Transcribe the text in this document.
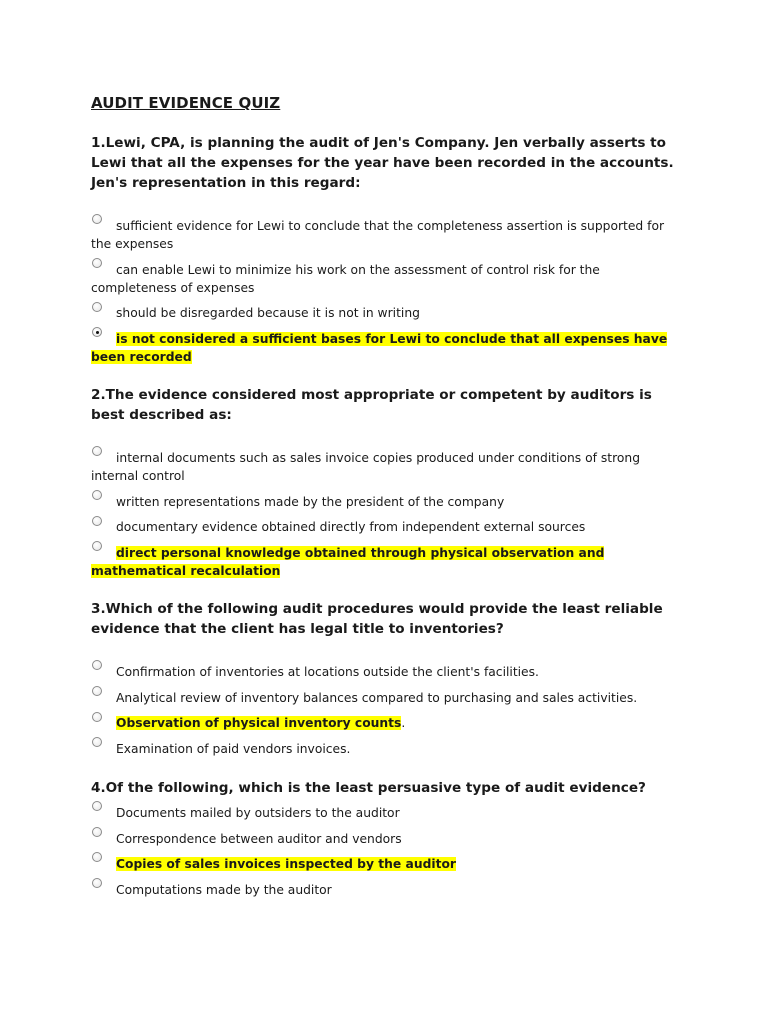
AUDIT EVIDENCE QUIZ
1.Lewi, CPA, is planning the audit of Jen's Company. Jen verbally asserts to Lewi that all the expenses for the year have been recorded in the accounts. Jen's representation in this regard:
sufficient evidence for Lewi to conclude that the completeness assertion is supported for the expenses
can enable Lewi to minimize his work on the assessment of control risk for the completeness of expenses
should be disregarded because it is not in writing
is not considered a sufficient bases for Lewi to conclude that all expenses have been recorded
2.The evidence considered most appropriate or competent by auditors is best described as:
internal documents such as sales invoice copies produced under conditions of strong internal control
written representations made by the president of the company
documentary evidence obtained directly from independent external sources
direct personal knowledge obtained through physical observation and mathematical recalculation
3.Which of the following audit procedures would provide the least reliable evidence that the client has legal title to inventories?
Confirmation of inventories at locations outside the client's facilities.
Analytical review of inventory balances compared to purchasing and sales activities.
Observation of physical inventory counts.
Examination of paid vendors invoices.
4.Of the following, which is the least persuasive type of audit evidence?
Documents mailed by outsiders to the auditor
Correspondence between auditor and vendors
Copies of sales invoices inspected by the auditor
Computations made by the auditor
